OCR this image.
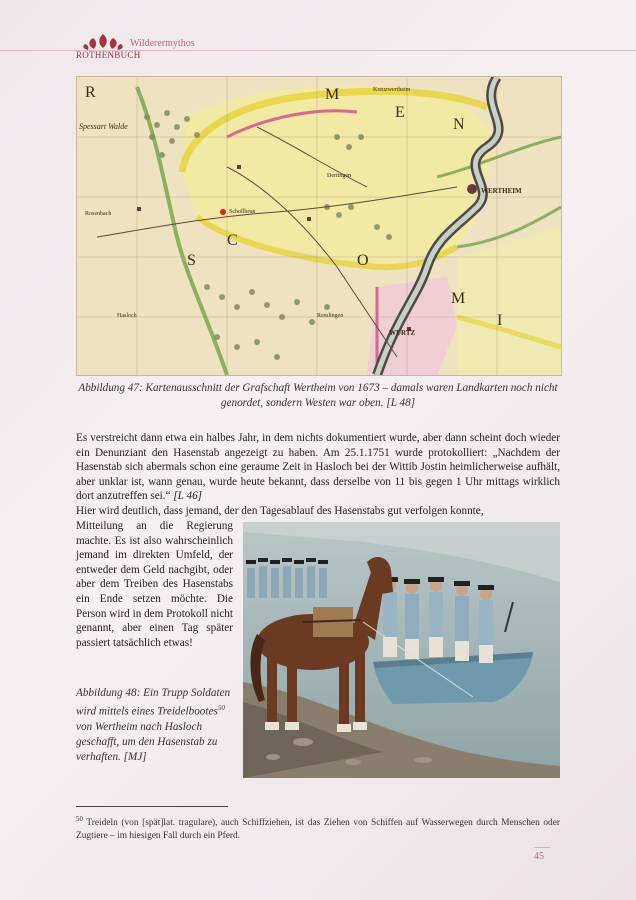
ROTHENBUCH
Wilderermythos
Spessart Walde
WERTHEIM
WURTZ
Rosenbach	Schollbrun
Kreuzwertheim
Hasloch
Dertingen
Remlingen
M
E
N
S
C
M
I
O
R
Abbildung 47: Kartenausschnitt der Grafschaft Wertheim von 1673 – damals waren Landkarten noch nicht genordet, sondern Westen war oben. [L 48]
Es verstreicht dann etwa ein halbes Jahr, in dem nichts dokumentiert wurde, aber dann scheint doch wieder ein Denunziant den Hasenstab angezeigt zu haben. Am 25.1.1751 wurde protokolliert: „Nachdem der Hasenstab sich abermals schon eine geraume Zeit in Hasloch bei der Wittib Jostin heimlicherweise aufhält, aber unklar ist, wann genau, wurde heute bekannt, dass derselbe von 11 bis gegen 1 Uhr mittags wirklich dort anzutreffen sei.“ [L 46]
Hier wird deutlich, dass jemand, der den Tagesablauf des Hasenstabs gut verfolgen konnte,
Mitteilung an die Regierung machte. Es ist also wahrscheinlich jemand im direkten Umfeld, der entweder dem Geld nachgibt, oder aber dem Treiben des Hasenstabs ein Ende setzen möchte. Die Person wird in dem Protokoll nicht genannt, aber einen Tag später passiert tatsächlich etwas!
Abbildung 48: Ein Trupp Soldaten wird mittels eines Treidelbootes$^{50}$ von Wertheim nach Hasloch geschafft, um den Hasenstab zu verhaften. [MJ]
$^{50}$ Treideln (von [spät]lat. tragulare), auch Schiffziehen, ist das Ziehen von Schiffen auf Wasserwegen durch Menschen oder Zugtiere – im hiesigen Fall durch ein Pferd.
45
